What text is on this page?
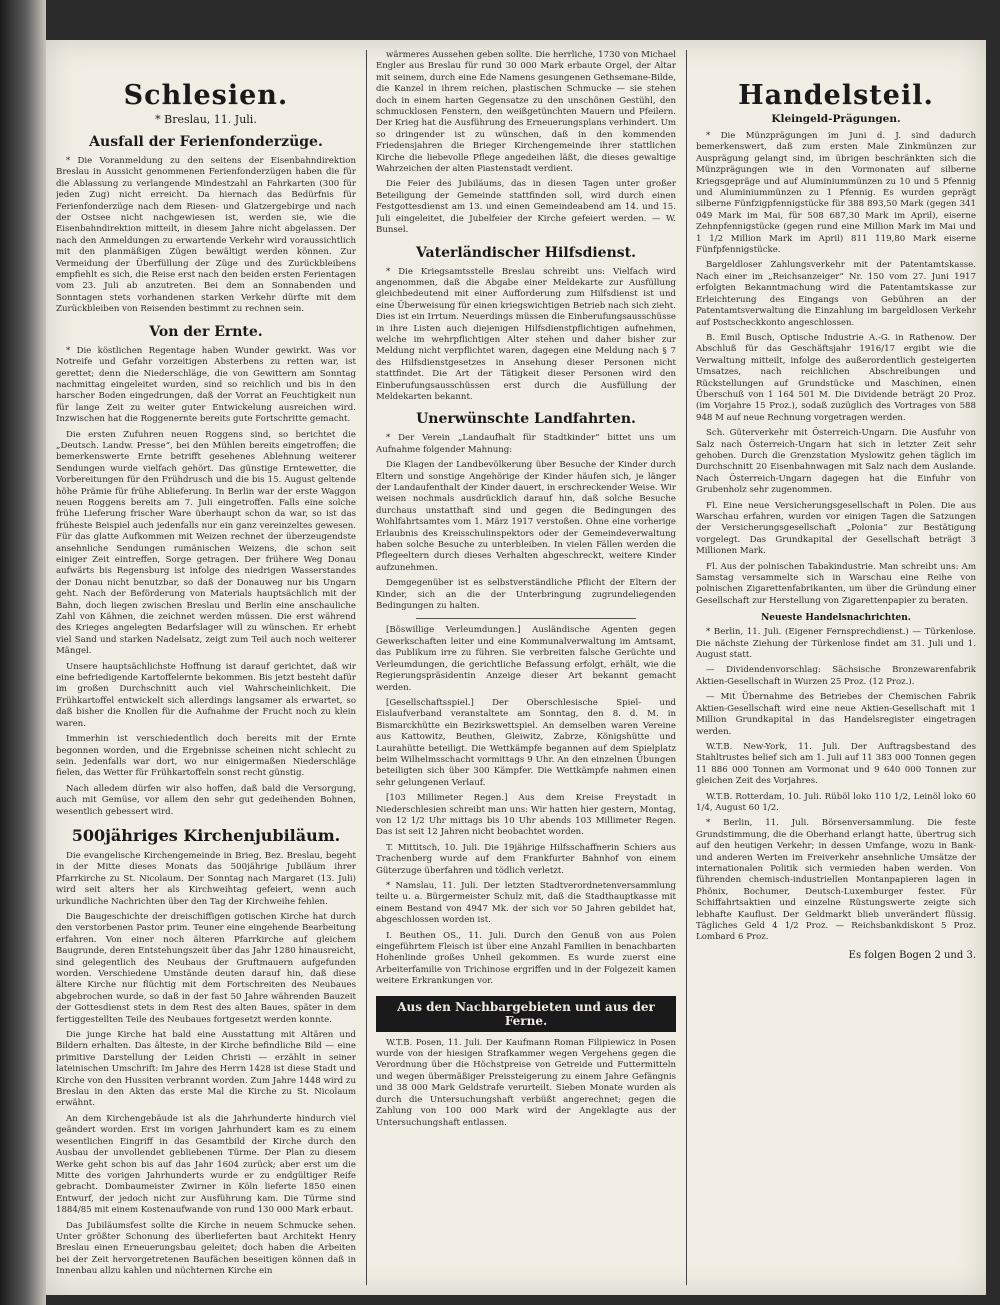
Schlesien.
* Breslau, 11. Juli.
Ausfall der Ferienfonderzüge.

* Die Voranmeldung zu den seitens der Eisenbahndirektion Breslau in Aussicht genommenen Ferienfonderzügen haben die für die Ablassung zu verlangende Mindestzahl an Fahrkarten (300 für jeden Zug) nicht erreicht. Da hiernach das Bedürfnis für Ferienfonderzüge nach dem Riesen- und Glatzergebirge und nach der Ostsee nicht nachgewiesen ist, werden sie, wie die Eisenbahndirektion mitteilt, in diesem Jahre nicht abgelassen. Der nach den Anmeldungen zu erwartende Verkehr wird voraussichtlich mit den planmäßigen Zügen bewältigt werden können. Zur Vermeidung der Überfüllung der Züge und des Zurückbleibens empfiehlt es sich, die Reise erst nach den beiden ersten Ferientagen vom 23. Juli ab anzutreten. Bei dem an Sonnabenden und Sonntagen stets vorhandenen starken Verkehr dürfte mit dem Zurückbleiben von Reisenden bestimmt zu rechnen sein.

Von der Ernte.

* Die köstlichen Regentage haben Wunder gewirkt. Was vor Notreife und Gefahr vorzeitigen Absterbens zu retten war, ist gerettet; denn die Niederschläge, die von Gewittern am Sonntag nachmittag eingeleitet wurden, sind so reichlich und bis in den harscher Boden eingedrungen, daß der Vorrat an Feuchtigkeit nun für lange Zeit zu weiter guter Entwickelung ausreichen wird. Inzwischen hat die Roggenernte bereits gute Fortschritte gemacht.

Die ersten Zufuhren neuen Roggens sind, so berichtet die „Deutsch. Landw. Presse“, bei den Mühlen bereits eingetroffen; die bemerkenswerte Ernte betrifft gesehenes Ablehnung weiterer Sendungen wurde vielfach gehört. Das günstige Erntewetter, die Vorbereitungen für den Frühdrusch und die bis 15. August geltende höhe Prämie für frühe Ablieferung. In Berlin war der erste Waggon neuen Roggens bereits am 7. Juli eingetroffen. Falls eine solche frühe Lieferung frischer Ware überhaupt schon da war, so ist das früheste Beispiel auch jedenfalls nur ein ganz vereinzeltes gewesen. Für das glatte Aufkommen mit Weizen rechnet der überzeugendste ansehnliche Sendungen rumänischen Weizens, die schon seit einiger Zeit eintreffen, Sorge getragen. Der frühere Weg Donau aufwärts bis Regensburg ist infolge des niedrigen Wasserstandes der Donau nicht benutzbar, so daß der Donauweg nur bis Ungarn geht. Nach der Beförderung von Materials hauptsächlich mit der Bahn, doch liegen zwischen Breslau und Berlin eine anschauliche Zahl von Kähnen, die zeichnet werden müssen. Die erst während des Krieges angelegten Bedarfslager will zu wünschen. Er erhebt viel Sand und starken Nadelsatz, zeigt zum Teil auch noch weiterer Mängel.

Unsere hauptsächlichste Hoffnung ist darauf gerichtet, daß wir eine befriedigende Kartoffelernte bekommen. Bis jetzt besteht dafür im großen Durchschnitt auch viel Wahrscheinlichkeit. Die Frühkartoffel entwickelt sich allerdings langsamer als erwartet, so daß bisher die Knollen für die Aufnahme der Frucht noch zu klein waren.

Immerhin ist verschiedentlich doch bereits mit der Ernte begonnen worden, und die Ergebnisse scheinen nicht schlecht zu sein. Jedenfalls war dort, wo nur einigermaßen Niederschläge fielen, das Wetter für Frühkartoffeln sonst recht günstig.

Nach alledem dürfen wir also hoffen, daß bald die Versorgung, auch mit Gemüse, vor allem den sehr gut gedeihenden Bohnen, wesentlich gebessert wird.

500jähriges Kirchenjubiläum.

Die evangelische Kirchengemeinde in Brieg, Bez. Breslau, begeht in der Mitte dieses Monats das 500jährige Jubiläum ihrer Pfarrkirche zu St. Nicolaum. Der Sonntag nach Margaret (13. Juli) wird seit alters her als Kirchweihtag gefeiert, wenn auch urkundliche Nachrichten über den Tag der Kirchweihe fehlen.

Die Baugeschichte der dreischiffigen gotischen Kirche hat durch den verstorbenen Pastor prim. Teuner eine eingehende Bearbeitung erfahren. Von einer noch älteren Pfarrkirche auf gleichem Baugrunde, deren Entstehungszeit über das Jahr 1280 hinausreicht, sind gelegentlich des Neubaus der Gruftmauern aufgefunden worden. Verschiedene Umstände deuten darauf hin, daß diese ältere Kirche nur flüchtig mit dem Fortschreiten des Neubaues abgebrochen wurde, so daß in der fast 50 Jahre währenden Bauzeit der Gottesdienst stets in dem Rest des alten Baues, später in dem fertiggestellten Teile des Neubaues fortgesetzt werden konnte.

Die junge Kirche hat bald eine Ausstattung mit Altären und Bildern erhalten. Das älteste, in der Kirche befindliche Bild — eine primitive Darstellung der Leiden Christi — erzählt in seiner lateinischen Umschrift: Im Jahre des Herrn 1428 ist diese Stadt und Kirche von den Hussiten verbrannt worden. Zum Jahre 1448 wird zu Breslau in den Akten das erste Mal die Kirche zu St. Nicolaum erwähnt.

An dem Kirchengebäude ist als die Jahrhunderte hindurch viel geändert worden. Erst im vorigen Jahrhundert kam es zu einem wesentlichen Eingriff in das Gesamtbild der Kirche durch den Ausbau der unvollendet gebliebenen Türme. Der Plan zu diesem Werke geht schon bis auf das Jahr 1604 zurück; aber erst um die Mitte des vorigen Jahrhunderts wurde er zu endgültiger Reife gebracht. Dombaumeister Zwirner in Köln lieferte 1850 einen Entwurf, der jedoch nicht zur Ausführung kam. Die Türme sind 1884/85 mit einem Kostenaufwande von rund 130 000 Mark erbaut.

Das Jubiläumsfest sollte die Kirche in neuem Schmucke sehen. Unter größter Schonung des überlieferten baut Architekt Henry Breslau einen Erneuerungsbau geleitet; doch haben die Arbeiten bei der Zeit hervorgetretenen Baufächen beseitigen können daß in Innenbau allzu kahlen und nüchternen Kirche ein

wärmeres Aussehen geben sollte. Die herrliche, 1730 von Michael Engler aus Breslau für rund 30 000 Mark erbaute Orgel, der Altar mit seinem, durch eine Ede Namens gesungenen Gethsemane-Bilde, die Kanzel in ihrem reichen, plastischen Schmucke — sie stehen doch in einem harten Gegensatze zu den unschönen Gestühl, den schmucklosen Fenstern, den weißgetünchten Mauern und Pfeilern. Der Krieg hat die Ausführung des Erneuerungsplans verhindert. Um so dringender ist zu wünschen, daß in den kommenden Friedensjahren die Brieger Kirchengemeinde ihrer stattlichen Kirche die liebevolle Pflege angedeihen läßt, die dieses gewaltige Wahrzeichen der alten Piastenstadt verdient.

Die Feier des Jubiläums, das in diesen Tagen unter großer Beteiligung der Gemeinde stattfinden soll, wird durch einen Festgottesdienst am 13. und einen Gemeindeabend am 14. und 15. Juli eingeleitet, die Jubelfeier der Kirche gefeiert werden. — W. Bunsel.

Vaterländischer Hilfsdienst.

* Die Kriegsamtsstelle Breslau schreibt uns: Vielfach wird angenommen, daß die Abgabe einer Meldekarte zur Ausfüllung gleichbedeutend mit einer Aufforderung zum Hilfsdienst ist und eine Überweisung für einen kriegswichtigen Betrieb nach sich zieht. Dies ist ein Irrtum. Neuerdings müssen die Einberufungsausschüsse in ihre Listen auch diejenigen Hilfsdienstpflichtigen aufnehmen, welche im wehrpflichtigen Alter stehen und daher bisher zur Meldung nicht verpflichtet waren, dagegen eine Meldung nach § 7 des Hilfsdienstgesetzes in Ansehung dieser Personen nicht stattfindet. Die Art der Tätigkeit dieser Personen wird den Einberufungsausschüssen erst durch die Ausfüllung der Meldekarten bekannt.

Unerwünschte Landfahrten.

* Der Verein „Landaufhalt für Stadtkinder“ bittet uns um Aufnahme folgender Mahnung:

Die Klagen der Landbevölkerung über Besuche der Kinder durch Eltern und sonstige Angehörige der Kinder häufen sich, je länger der Landaufenthalt der Kinder dauert, in erschreckender Weise. Wir weisen nochmals ausdrücklich darauf hin, daß solche Besuche durchaus unstatthaft sind und gegen die Bedingungen des Wohlfahrtsamtes vom 1. März 1917 verstoßen. Ohne eine vorherige Erlaubnis des Kreisschulinspektors oder der Gemeindeverwaltung haben solche Besuche zu unterbleiben. In vielen Fällen werden die Pflegeeltern durch dieses Verhalten abgeschreckt, weitere Kinder aufzunehmen.

Demgegenüber ist es selbstverständliche Pflicht der Eltern der Kinder, sich an die der Unterbringung zugrundeliegenden Bedingungen zu halten.

[Böswillige Verleumdungen.] Ausländische Agenten gegen Gewerkschaften leiter und eine Kommunalverwaltung im Amtsamt, das Publikum irre zu führen. Sie verbreiten falsche Gerüchte und Verleumdungen, die gerichtliche Befassung erfolgt, erhält, wie die Regierungspräsidentin Anzeige dieser Art bekannt gemacht werden.

[Gesellschaftsspiel.] Der Oberschlesische Spiel- und Eislaufverband veranstaltete am Sonntag, den 8. d. M. in Bismarckhütte ein Bezirkswettspiel. An demselben waren Vereine aus Kattowitz, Beuthen, Gleiwitz, Zabrze, Königshütte und Laurahütte beteiligt. Die Wettkämpfe begannen auf dem Spielplatz beim Wilhelmsschacht vormittags 9 Uhr. An den einzelnen Übungen beteiligten sich über 300 Kämpfer. Die Wettkämpfe nahmen einen sehr gelungenen Verlauf.

[103 Millimeter Regen.] Aus dem Kreise Freystadt in Niederschlesien schreibt man uns: Wir hatten hier gestern, Montag, von 12 1/2 Uhr mittags bis 10 Uhr abends 103 Millimeter Regen. Das ist seit 12 Jahren nicht beobachtet worden.

T. Mittitsch, 10. Juli. Die 19jährige Hilfsschaffnerin Schiers aus Trachenberg wurde auf dem Frankfurter Bahnhof von einem Güterzuge überfahren und tödlich verletzt.

* Namslau, 11. Juli. Der letzten Stadtverordnetenversammlung teilte u. a. Bürgermeister Schulz mit, daß die Stadthauptkasse mit einem Bestand von 4947 Mk. der sich vor 50 Jahren gebildet hat, abgeschlossen worden ist.

I. Beuthen OS., 11. Juli. Durch den Genuß von aus Polen eingeführtem Fleisch ist über eine Anzahl Familien in benachbarten Hohenlinde großes Unheil gekommen. Es wurde zuerst eine Arbeiterfamilie von Trichinose ergriffen und in der Folgezeit kamen weitere Erkrankungen vor.

Aus den Nachbargebieten und aus der Ferne.

W.T.B. Posen, 11. Juli. Der Kaufmann Roman Filipiewicz in Posen wurde von der hiesigen Strafkammer wegen Vergehens gegen die Verordnung über die Höchstpreise von Getreide und Futtermitteln und wegen übermäßiger Preissteigerung zu einem Jahre Gefängnis und 38 000 Mark Geldstrafe verurteilt. Sieben Monate wurden als durch die Untersuchungshaft verbüßt angerechnet; gegen die Zahlung von 100 000 Mark wird der Angeklagte aus der Untersuchungshaft entlassen.

Handelsteil.
Kleingeld-Prägungen.

* Die Münzprägungen im Juni d. J. sind dadurch bemerkenswert, daß zum ersten Male Zinkmünzen zur Ausprägung gelangt sind, im übrigen beschränkten sich die Münzprägungen wie in den Vormonaten auf silberne Kriegsgepräge und auf Aluminiummünzen zu 10 und 5 Pfennig und Aluminiummünzen zu 1 Pfennig. Es wurden geprägt silberne Fünfzigpfennigstücke für 388 893,50 Mark (gegen 341 049 Mark im Mai, für 508 687,30 Mark im April), eiserne Zehnpfennigstücke (gegen rund eine Million Mark im Mai und 1 1/2 Million Mark im April) 811 119,80 Mark eiserne Fünfpfennigstücke.

Bargeldloser Zahlungsverkehr mit der Patentamtskasse. Nach einer im „Reichsanzeiger“ Nr. 150 vom 27. Juni 1917 erfolgten Bekanntmachung wird die Patentamtskasse zur Erleichterung des Eingangs von Gebühren an der Patentamtsverwaltung die Einzahlung im bargeldlosen Verkehr auf Postscheckkonto angeschlossen.

B. Emil Busch, Optische Industrie A.-G. in Rathenow. Der Abschluß für das Geschäftsjahr 1916/17 ergibt wie die Verwaltung mitteilt, infolge des außerordentlich gesteigerten Umsatzes, nach reichlichen Abschreibungen und Rückstellungen auf Grundstücke und Maschinen, einen Überschuß von 1 164 501 M. Die Dividende beträgt 20 Proz. (im Vorjahre 15 Proz.), sodaß zuzüglich des Vortrages von 588 948 M auf neue Rechnung vorgetragen werden.

Sch. Güterverkehr mit Österreich-Ungarn. Die Ausfuhr von Salz nach Österreich-Ungarn hat sich in letzter Zeit sehr gehoben. Durch die Grenzstation Myslowitz gehen täglich im Durchschnitt 20 Eisenbahnwagen mit Salz nach dem Auslande. Nach Österreich-Ungarn dagegen hat die Einfuhr von Grubenholz sehr zugenommen.

Fl. Eine neue Versicherungsgesellschaft in Polen. Die aus Warschau erfahren, wurden vor einigen Tagen die Satzungen der Versicherungsgesellschaft „Polonia“ zur Bestätigung vorgelegt. Das Grundkapital der Gesellschaft beträgt 3 Millionen Mark.

Fl. Aus der polnischen Tabakindustrie. Man schreibt uns: Am Samstag versammelte sich in Warschau eine Reihe von polnischen Zigarettenfabrikanten, um über die Gründung einer Gesellschaft zur Herstellung von Zigarettenpapier zu beraten.

Neueste Handelsnachrichten.

* Berlin, 11. Juli. (Eigener Fernsprechdienst.) — Türkenlose. Die nächste Ziehung der Türkenlose findet am 31. Juli und 1. August statt.

— Dividendenvorschlag: Sächsische Bronzewarenfabrik Aktien-Gesellschaft in Wurzen 25 Proz. (12 Proz.).

— Mit Übernahme des Betriebes der Chemischen Fabrik Aktien-Gesellschaft wird eine neue Aktien-Gesellschaft mit 1 Million Grundkapital in das Handelsregister eingetragen werden.

W.T.B. New-York, 11. Juli. Der Auftragsbestand des Stahltrustes belief sich am 1. Juli auf 11 383 000 Tonnen gegen 11 886 000 Tonnen am Vormonat und 9 640 000 Tonnen zur gleichen Zeit des Vorjahres.

W.T.B. Rotterdam, 10. Juli. Rüböl loko 110 1/2, Leinöl loko 60 1/4, August 60 1/2.

* Berlin, 11. Juli. Börsenversammlung. Die feste Grundstimmung, die die Oberhand erlangt hatte, übertrug sich auf den heutigen Verkehr; in dessen Umfange, wozu in Bank- und anderen Werten im Freiverkehr ansehnliche Umsätze der internationalen Politik sich vermieden haben werden. Von führenden chemisch-industriellen Montanpapieren lagen in Phönix, Bochumer, Deutsch-Luxemburger fester. Für Schiffahrtsaktien und einzelne Rüstungswerte zeigte sich lebhafte Kauflust. Der Geldmarkt blieb unverändert flüssig. Tägliches Geld 4 1/2 Proz. — Reichsbankdiskont 5 Proz. Lombard 6 Proz.

Es folgen Bogen 2 und 3.
